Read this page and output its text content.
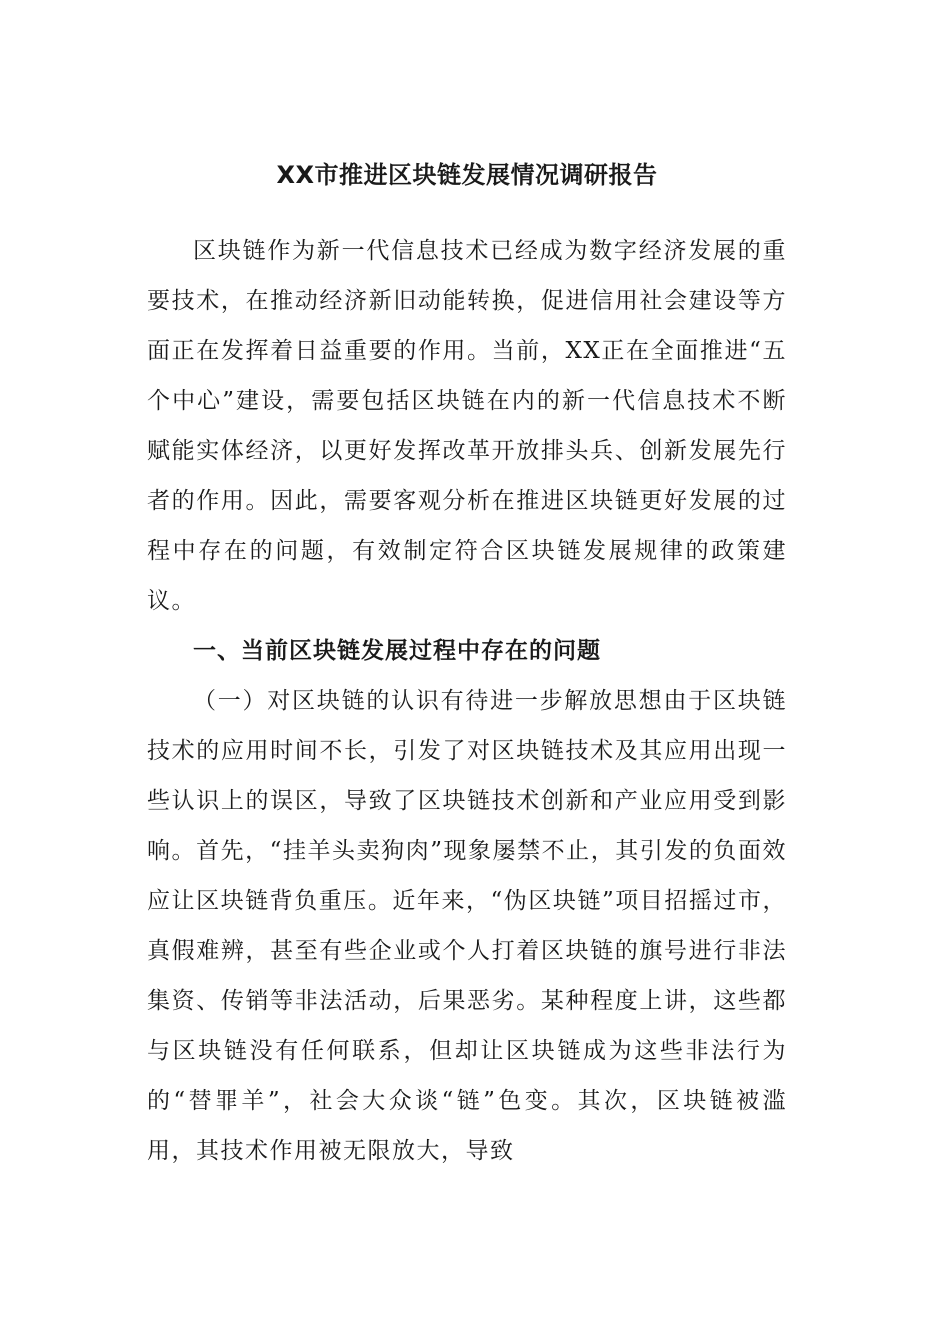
XX市推进区块链发展情况调研报告

区块链作为新一代信息技术已经成为数字经济发展的重要技术，在推动经济新旧动能转换，促进信用社会建设等方面正在发挥着日益重要的作用。当前，XX正在全面推进“五个中心”建设，需要包括区块链在内的新一代信息技术不断赋能实体经济，以更好发挥改革开放排头兵、创新发展先行者的作用。因此，需要客观分析在推进区块链更好发展的过程中存在的问题，有效制定符合区块链发展规律的政策建议。

一、当前区块链发展过程中存在的问题

（一）对区块链的认识有待进一步解放思想由于区块链技术的应用时间不长，引发了对区块链技术及其应用出现一些认识上的误区，导致了区块链技术创新和产业应用受到影响。首先，“挂羊头卖狗肉”现象屡禁不止，其引发的负面效应让区块链背负重压。近年来，“伪区块链”项目招摇过市，真假难辨，甚至有些企业或个人打着区块链的旗号进行非法集资、传销等非法活动，后果恶劣。某种程度上讲，这些都与区块链没有任何联系，但却让区块链成为这些非法行为的“替罪羊”，社会大众谈“链”色变。其次，区块链被滥用，其技术作用被无限放大，导致
